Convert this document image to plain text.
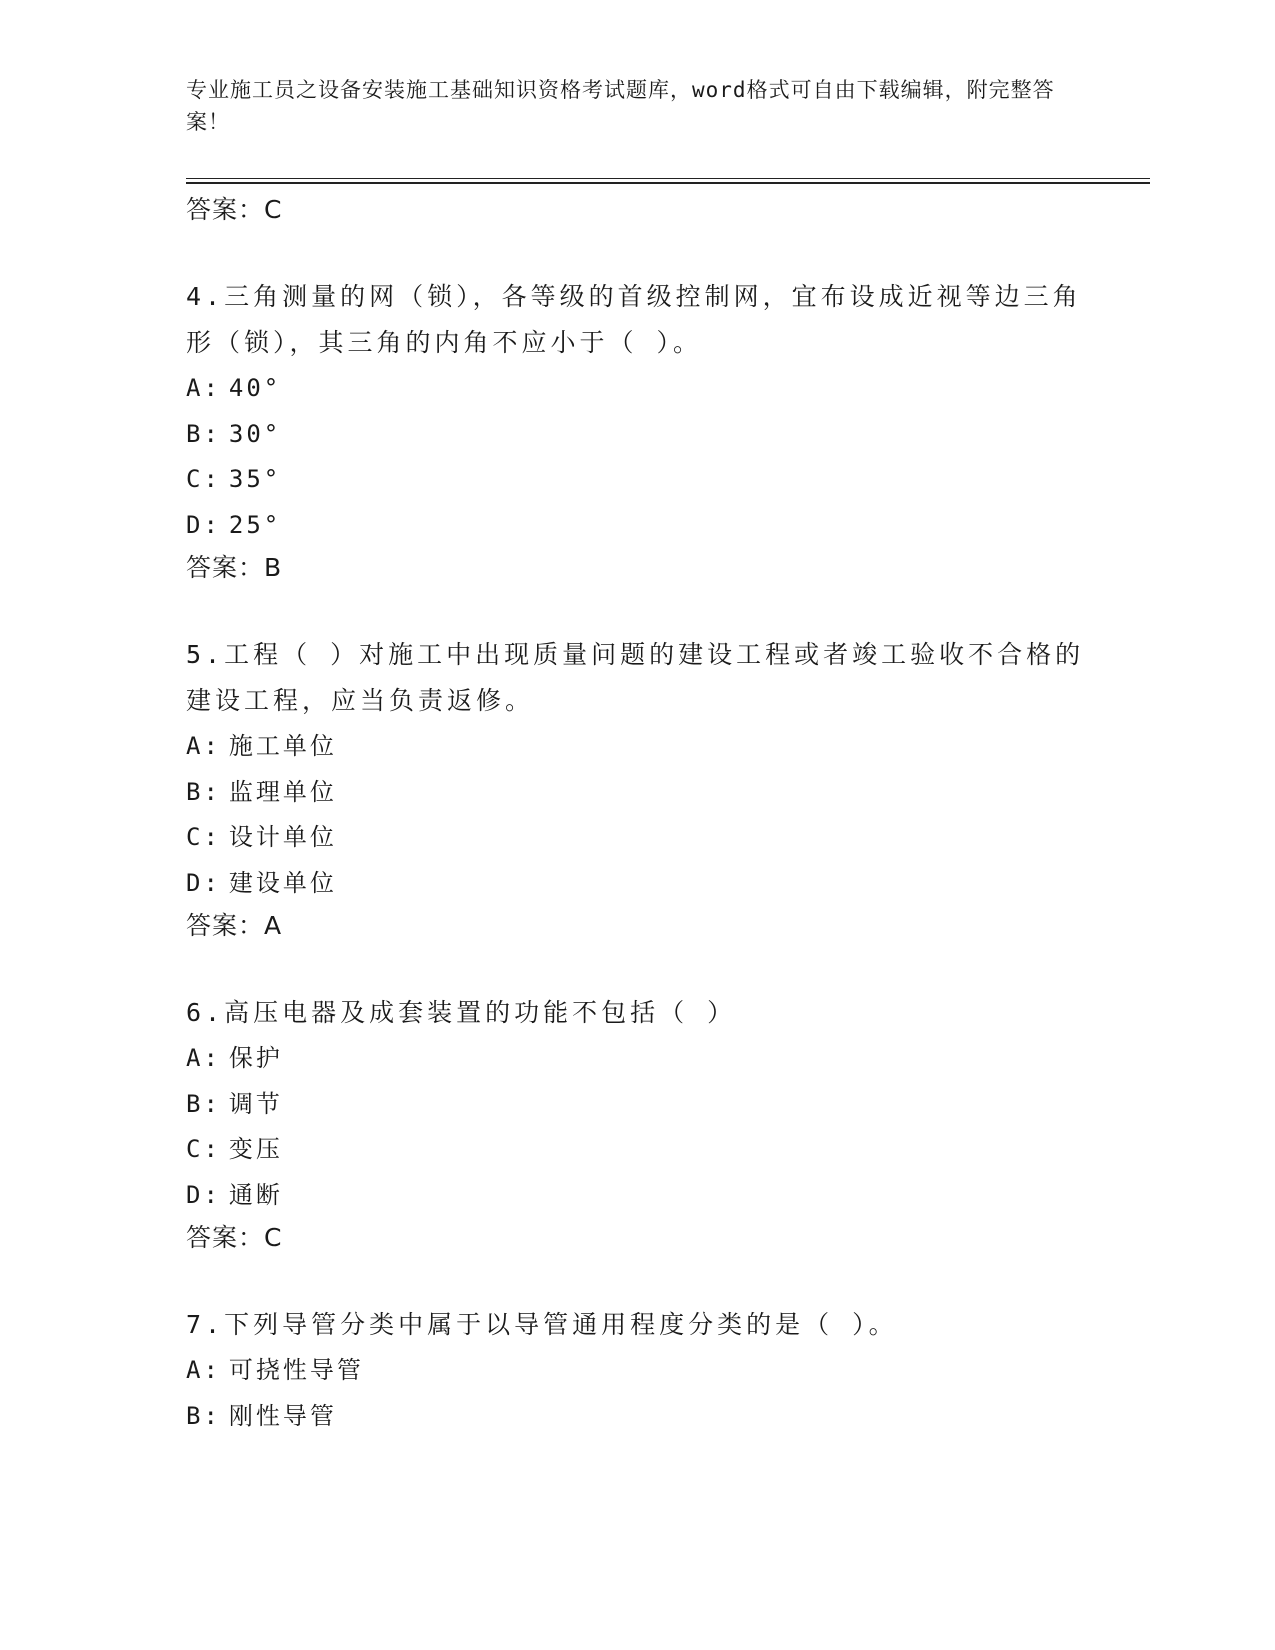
专业施工员之设备安装施工基础知识资格考试题库，word格式可自由下载编辑，附完整答案！
答案：C
4.三角测量的网（锁），各等级的首级控制网，宜布设成近视等边三角形（锁），其三角的内角不应小于（ ）。
A: 40°
B: 30°
C: 35°
D: 25°
答案：B
5.工程（ ）对施工中出现质量问题的建设工程或者竣工验收不合格的建设工程，应当负责返修。
A: 施工单位
B: 监理单位
C: 设计单位
D: 建设单位
答案：A
6.高压电器及成套装置的功能不包括（ ）
A: 保护
B: 调节
C: 变压
D: 通断
答案：C
7.下列导管分类中属于以导管通用程度分类的是（ ）。
A: 可挠性导管
B: 刚性导管
